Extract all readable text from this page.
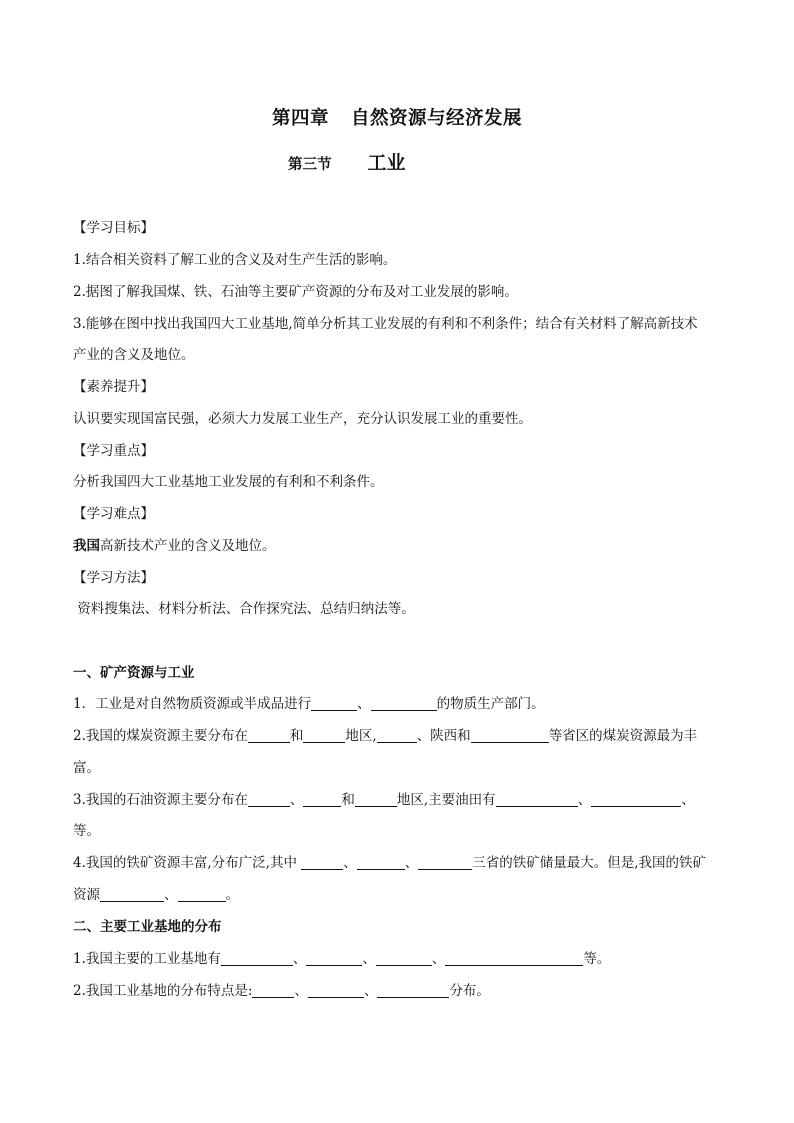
第四章 自然资源与经济发展
第三节 工业
【学习目标】
1.结合相关资料了解工业的含义及对生产生活的影响。
2.据图了解我国煤、铁、石油等主要矿产资源的分布及对工业发展的影响。
3.能够在图中找出我国四大工业基地,简单分析其工业发展的有利和不利条件；结合有关材料了解高新技术
产业的含义及地位。
【素养提升】
认识要实现国富民强，必须大力发展工业生产，充分认识发展工业的重要性。
【学习重点】
分析我国四大工业基地工业发展的有利和不利条件。
【学习难点】
我国高新技术产业的含义及地位。
【学习方法】
资料搜集法、材料分析法、合作探究法、总结归纳法等。
一、矿产资源与工业
1．工业是对自然物质资源或半成品进行	、	的物质生产部门。
2.我国的煤炭资源主要分布在	和	地区,	、陕西和	等省区的煤炭资源最为丰
富。
3.我国的石油资源主要分布在	、	和	地区,主要油田有	、	、
等。
4.我国的铁矿资源丰富,分布广泛,其中	、	、	三省的铁矿储量最大。但是,我国的铁矿
资源	、	。
二、主要工业基地的分布
1.我国主要的工业基地有	、	、	、	等。
2.我国工业基地的分布特点是:	、	、	分布。
